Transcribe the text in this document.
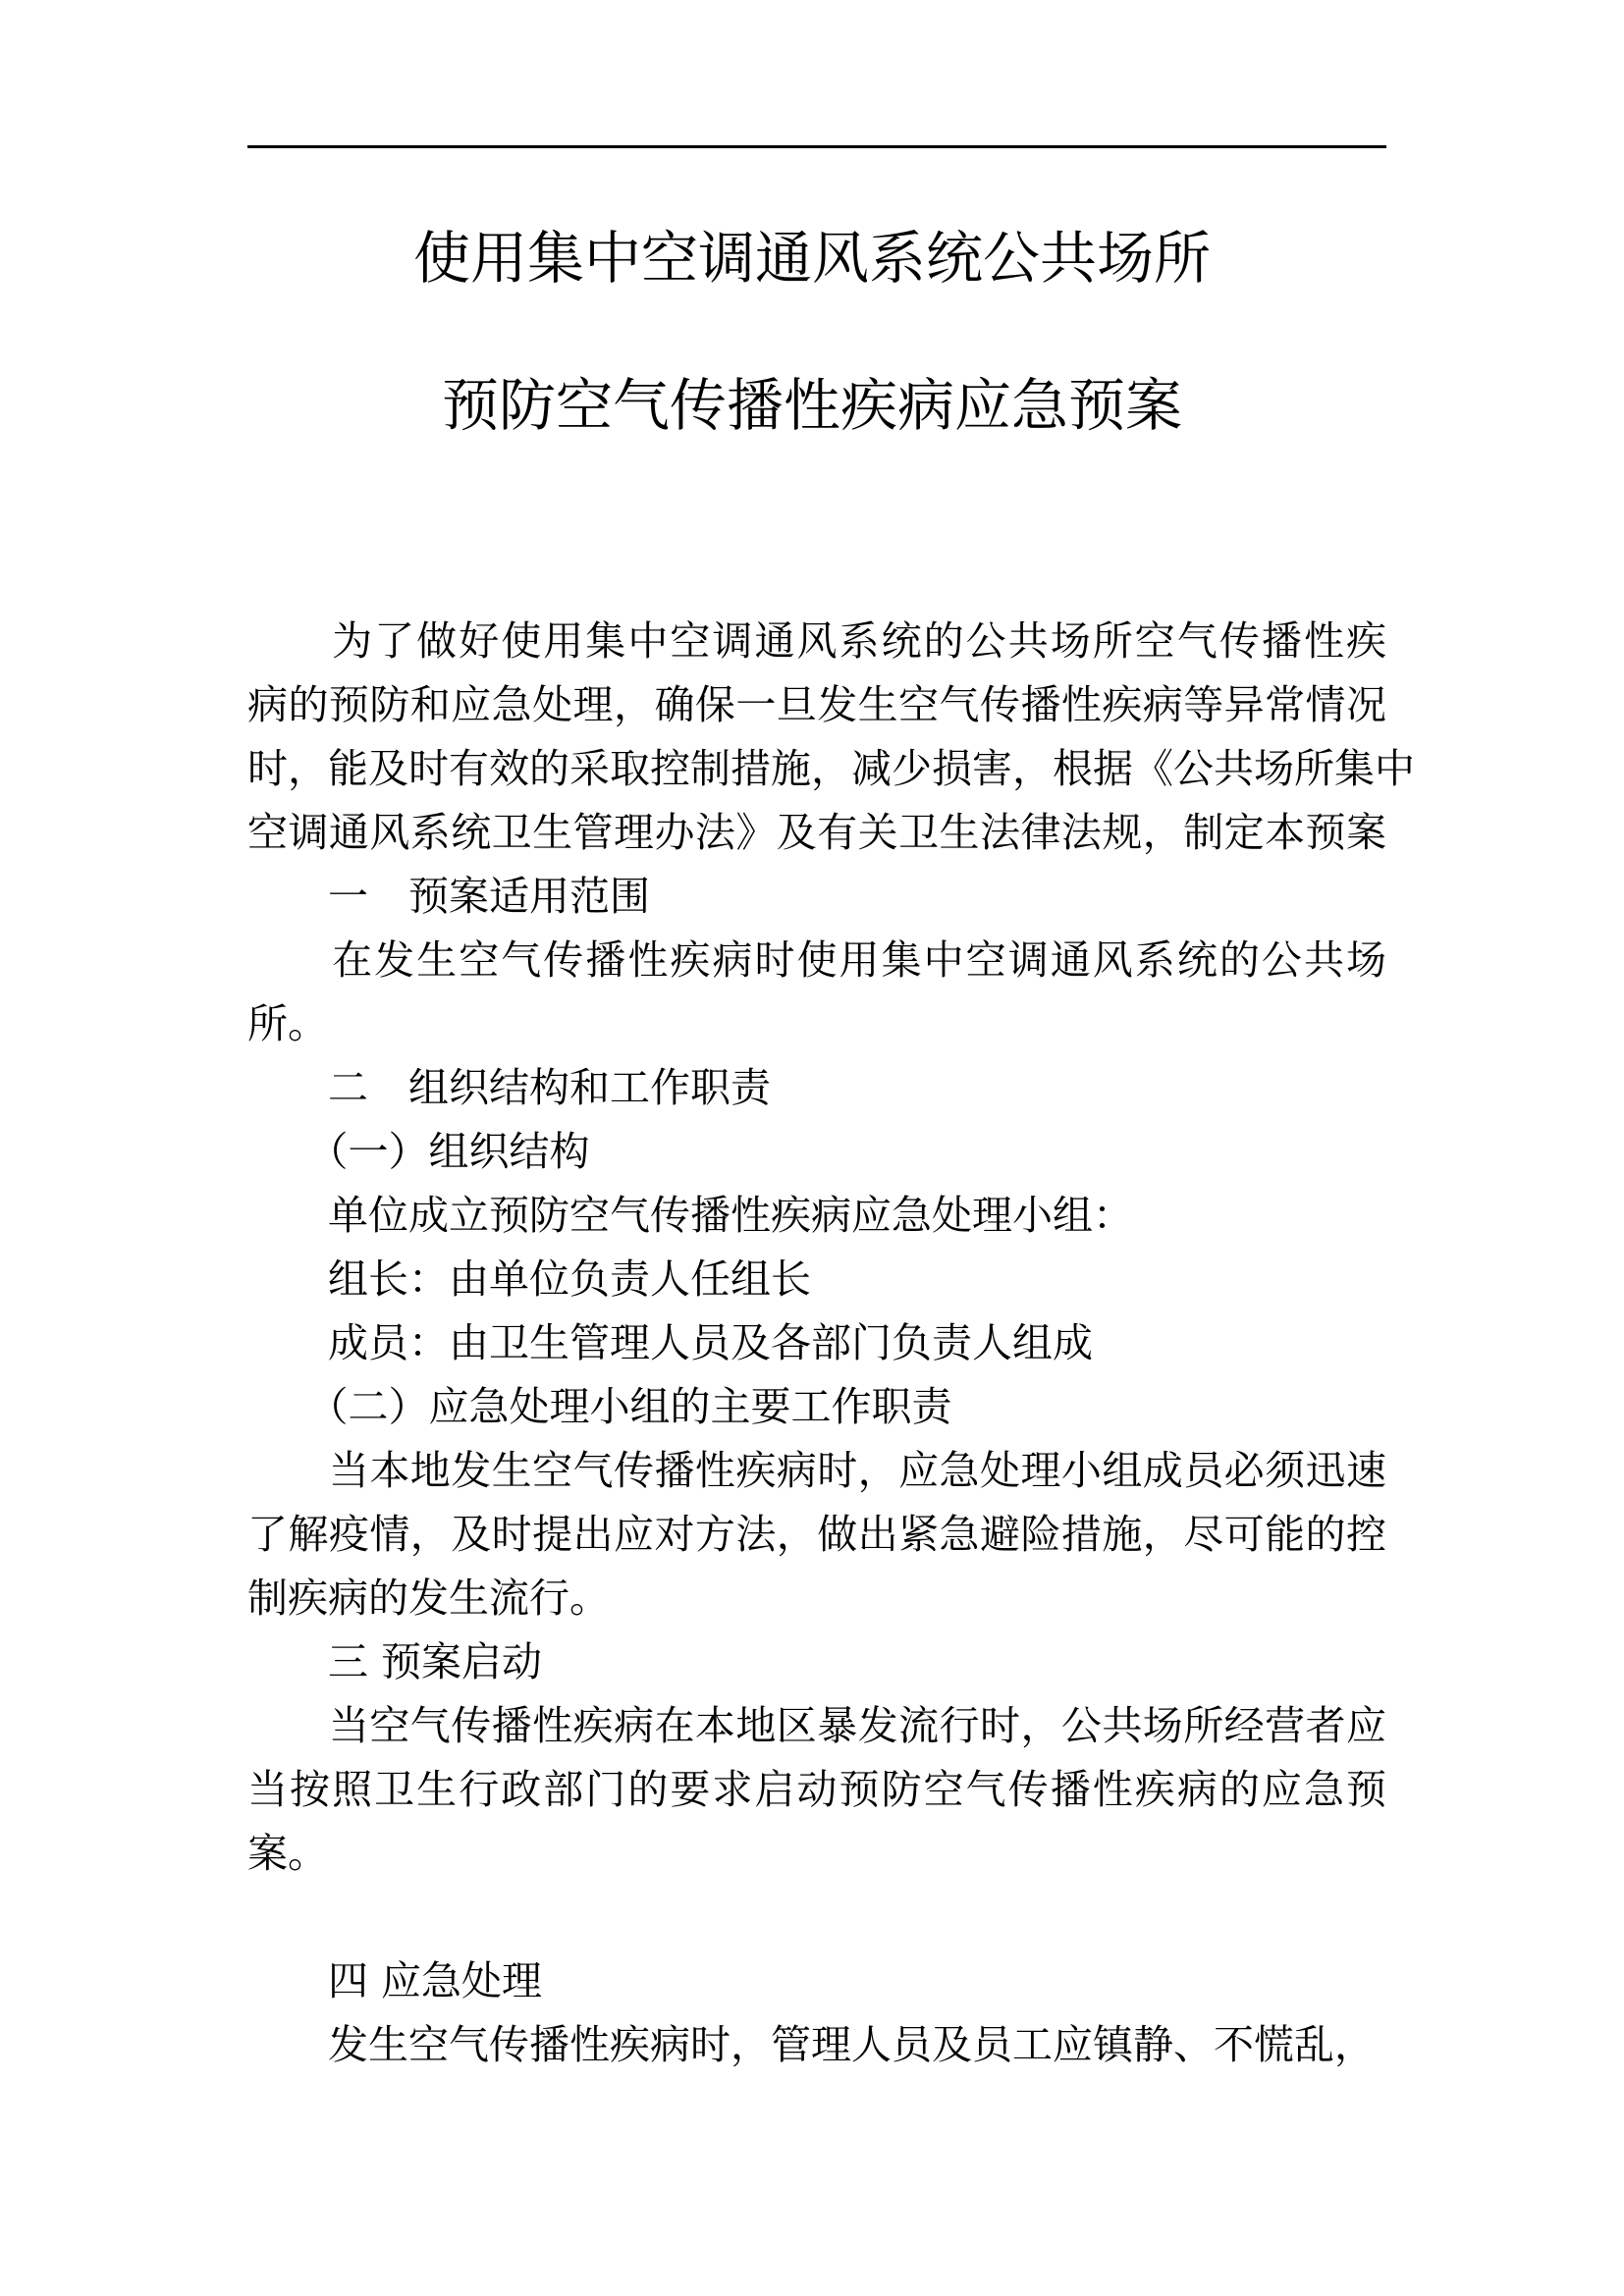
使用集中空调通风系统公共场所
预防空气传播性疾病应急预案
　　为了做好使用集中空调通风系统的公共场所空气传播性疾
病的预防和应急处理，确保一旦发生空气传播性疾病等异常情况
时，能及时有效的采取控制措施，减少损害，根据《公共场所集中
空调通风系统卫生管理办法》及有关卫生法律法规，制定本预案
　　一　预案适用范围
　　在发生空气传播性疾病时使用集中空调通风系统的公共场
所。
　　二　组织结构和工作职责
　　（一）组织结构
　　单位成立预防空气传播性疾病应急处理小组：
　　组长：由单位负责人任组长
　　成员：由卫生管理人员及各部门负责人组成
　　（二）应急处理小组的主要工作职责
　　当本地发生空气传播性疾病时，应急处理小组成员必须迅速
了解疫情，及时提出应对方法，做出紧急避险措施，尽可能的控
制疾病的发生流行。
　　三 预案启动
　　当空气传播性疾病在本地区暴发流行时，公共场所经营者应
当按照卫生行政部门的要求启动预防空气传播性疾病的应急预
案。
　　四 应急处理
　　发生空气传播性疾病时，管理人员及员工应镇静、不慌乱，
